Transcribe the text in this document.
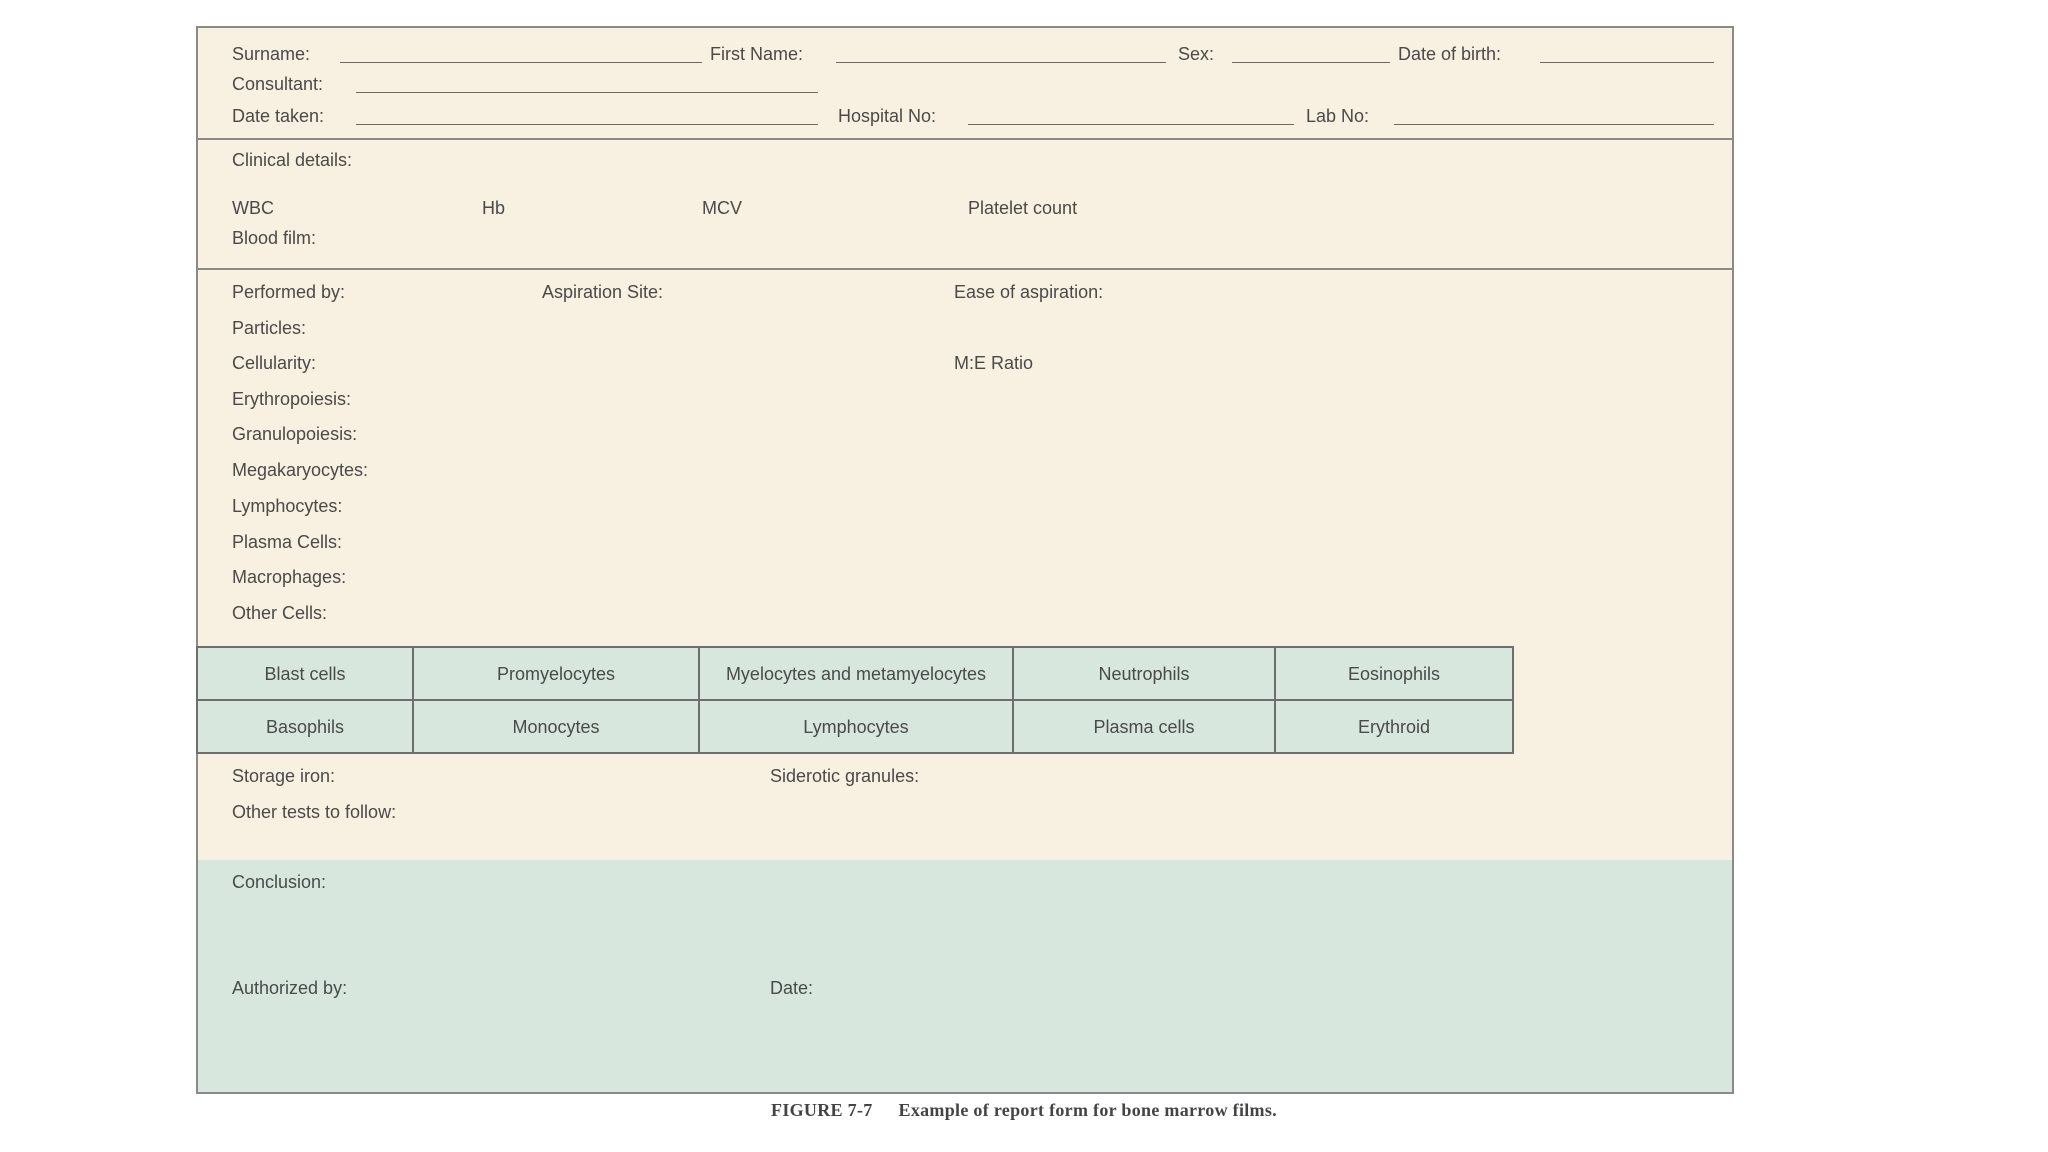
Surname:	First Name:	Sex:	Date of birth:
Consultant:
Date taken:	Hospital No:	Lab No:
Clinical details:
WBC	Hb	MCV	Platelet count
Blood film:
Performed by:	Aspiration Site:	Ease of aspiration:
Particles:
Cellularity:	M:E Ratio
Erythropoiesis:
Granulopoiesis:
Megakaryocytes:
Lymphocytes:
Plasma Cells:
Macrophages:
Other Cells:
Blast cells	Promyelocytes	Myelocytes and metamyelocytes	Neutrophils	Eosinophils
Basophils	Monocytes	Lymphocytes	Plasma cells	Erythroid
Storage iron:	Siderotic granules:
Other tests to follow:
Conclusion:
Authorized by:	Date:
FIGURE 7-7 Example of report form for bone marrow films.
